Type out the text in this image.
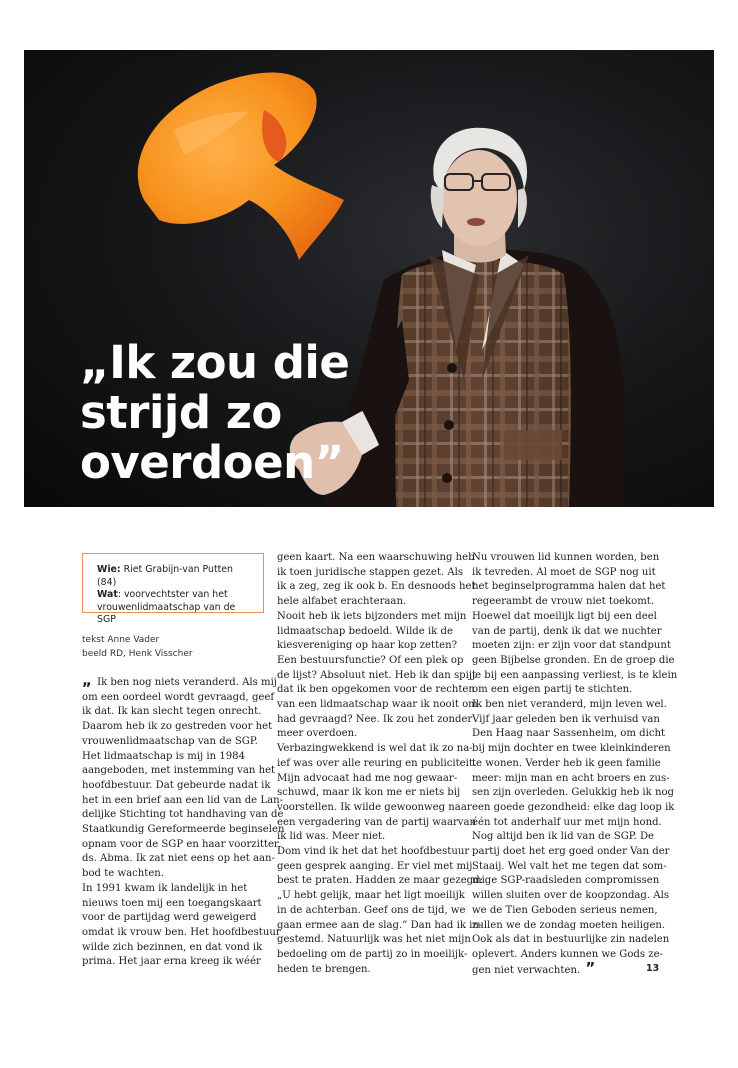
„Ik zou die
strijd zo
overdoen”
Wie: Riet Grabijn-van Putten (84)
Wat: voorvechtster van het
vrouwenlidmaatschap van de SGP
tekst Anne Vader
beeld RD, Henk Visscher
„ Ik ben nog niets veranderd. Als mij
om een oordeel wordt gevraagd, geef
ik dat. Ik kan slecht tegen onrecht.
Daarom heb ik zo gestreden voor het
vrouwenlidmaatschap van de SGP.
Het lidmaatschap is mij in 1984
aangeboden, met instemming van het
hoofdbestuur. Dat gebeurde nadat ik
het in een brief aan een lid van de Lan-
delijke Stichting tot handhaving van de
Staatkundig Gereformeerde beginselen
opnam voor de SGP en haar voorzitter,
ds. Abma. Ik zat niet eens op het aan-
bod te wachten.
In 1991 kwam ik landelijk in het
nieuws toen mij een toegangskaart
voor de partijdag werd geweigerd
omdat ik vrouw ben. Het hoofdbestuur
wilde zich bezinnen, en dat vond ik
prima. Het jaar erna kreeg ik wéér
geen kaart. Na een waarschuwing heb
ik toen juridische stappen gezet. Als
ik a zeg, zeg ik ook b. En desnoods het
hele alfabet erachteraan.
Nooit heb ik iets bijzonders met mijn
lidmaatschap bedoeld. Wilde ik de
kiesvereniging op haar kop zetten?
Een bestuursfunctie? Of een plek op
de lijst? Absoluut niet. Heb ik dan spijt
dat ik ben opgekomen voor de rechten
van een lidmaatschap waar ik nooit om
had gevraagd? Nee. Ik zou het zonder
meer overdoen.
Verbazingwekkend is wel dat ik zo na-
ief was over alle reuring en publiciteit.
Mijn advocaat had me nog gewaar-
schuwd, maar ik kon me er niets bij
voorstellen. Ik wilde gewoonweg naar
een vergadering van de partij waarvan
ik lid was. Meer niet.
Dom vind ik het dat het hoofdbestuur
geen gesprek aanging. Er viel met mij
best te praten. Hadden ze maar gezegd:
„U hebt gelijk, maar het ligt moeilijk
in de achterban. Geef ons de tijd, we
gaan ermee aan de slag.” Dan had ik in-
gestemd. Natuurlijk was het niet mijn
bedoeling om de partij zo in moeilijk-
heden te brengen.
Nu vrouwen lid kunnen worden, ben
ik tevreden. Al moet de SGP nog uit
het beginselprogramma halen dat het
regeerambt de vrouw niet toekomt.
Hoewel dat moeilijk ligt bij een deel
van de partij, denk ik dat we nuchter
moeten zijn: er zijn voor dat standpunt
geen Bijbelse gronden. En de groep die
je bij een aanpassing verliest, is te klein
om een eigen partij te stichten.
Ik ben niet veranderd, mijn leven wel.
Vijf jaar geleden ben ik verhuisd van
Den Haag naar Sassenheim, om dicht
bij mijn dochter en twee kleinkinderen
te wonen. Verder heb ik geen familie
meer: mijn man en acht broers en zus-
sen zijn overleden. Gelukkig heb ik nog
een goede gezondheid: elke dag loop ik
één tot anderhalf uur met mijn hond.
Nog altijd ben ik lid van de SGP. De
partij doet het erg goed onder Van der
Staaij. Wel valt het me tegen dat som-
mige SGP-raadsleden compromissen
willen sluiten over de koopzondag. Als
we de Tien Geboden serieus nemen,
zullen we de zondag moeten heiligen.
Ook als dat in bestuurlijke zin nadelen
oplevert. Anders kunnen we Gods ze-
gen niet verwachten. ”	13
